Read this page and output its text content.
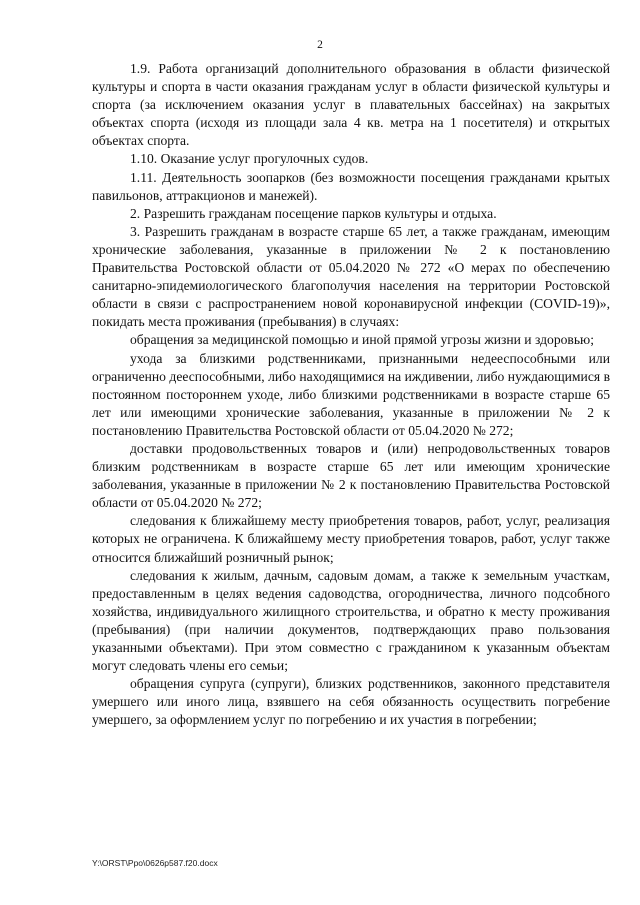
2

1.9. Работа организаций дополнительного образования в области физической культуры и спорта в части оказания гражданам услуг в области физической культуры и спорта (за исключением оказания услуг в плавательных бассейнах) на закрытых объектах спорта (исходя из площади зала 4 кв. метра на 1 посетителя) и открытых объектах спорта.

1.10. Оказание услуг прогулочных судов.

1.11. Деятельность зоопарков (без возможности посещения гражданами крытых павильонов, аттракционов и манежей).

2. Разрешить гражданам посещение парков культуры и отдыха.

3. Разрешить гражданам в возрасте старше 65 лет, а также гражданам, имеющим хронические заболевания, указанные в приложении № 2 к постановлению Правительства Ростовской области от 05.04.2020 № 272 «О мерах по обеспечению санитарно-эпидемиологического благополучия населения на территории Ростовской области в связи с распространением новой коронавирусной инфекции (COVID-19)», покидать места проживания (пребывания) в случаях:

обращения за медицинской помощью и иной прямой угрозы жизни и здоровью;

ухода за близкими родственниками, признанными недееспособными или ограниченно дееспособными, либо находящимися на иждивении, либо нуждающимися в постоянном постороннем уходе, либо близкими родственниками в возрасте старше 65 лет или имеющими хронические заболевания, указанные в приложении № 2 к постановлению Правительства Ростовской области от 05.04.2020 № 272;

доставки продовольственных товаров и (или) непродовольственных товаров близким родственникам в возрасте старше 65 лет или имеющим хронические заболевания, указанные в приложении № 2 к постановлению Правительства Ростовской области от 05.04.2020 № 272;

следования к ближайшему месту приобретения товаров, работ, услуг, реализация которых не ограничена. К ближайшему месту приобретения товаров, работ, услуг также относится ближайший розничный рынок;

следования к жилым, дачным, садовым домам, а также к земельным участкам, предоставленным в целях ведения садоводства, огородничества, личного подсобного хозяйства, индивидуального жилищного строительства, и обратно к месту проживания (пребывания) (при наличии документов, подтверждающих право пользования указанными объектами). При этом совместно с гражданином к указанным объектам могут следовать члены его семьи;

обращения супруга (супруги), близких родственников, законного представителя умершего или иного лица, взявшего на себя обязанность осуществить погребение умершего, за оформлением услуг по погребению и их участия в погребении;

Y:\ORST\Ppo\0626p587.f20.docx
